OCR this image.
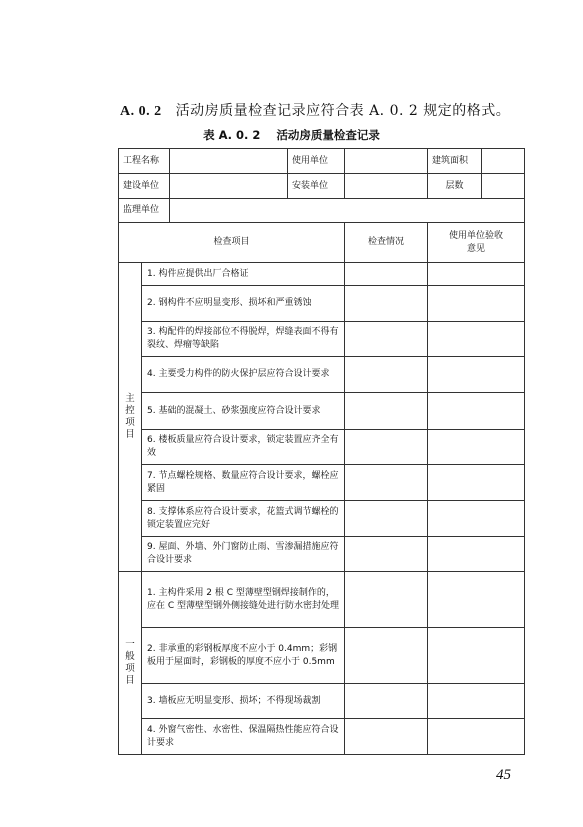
A. 0. 2 活动房质量检查记录应符合表 A. 0. 2 规定的格式。
表 A. 0. 2 活动房质量检查记录
工程名称			使用单位		建筑面积	
建设单位			安装单位		层数	
监理单位						
检查项目				检查情况	使用单位验收意见	

主控项目	1. 构件应提供出厂合格证					

	2. 钢构件不应明显变形、损坏和严重锈蚀					

	3. 构配件的焊接部位不得脱焊，焊缝表面不得有裂纹、焊瘤等缺陷					

	4. 主要受力构件的防火保护层应符合设计要求					

	5. 基础的混凝土、砂浆强度应符合设计要求					

	6. 楼板质量应符合设计要求，锁定装置应齐全有效					

	7. 节点螺栓规格、数量应符合设计要求，螺栓应紧固					

	8. 支撑体系应符合设计要求，花篮式调节螺栓的锁定装置应完好					

	9. 屋面、外墙、外门窗防止雨、雪渗漏措施应符合设计要求					

一般项目	1. 主构件采用 2 根 C 型薄壁型钢焊接制作的，应在 C 型薄壁型钢外侧接缝处进行防水密封处理					

	2. 非承重的彩钢板厚度不应小于 0.4mm；彩钢板用于屋面时，彩钢板的厚度不应小于 0.5mm					

	3. 墙板应无明显变形、损坏；不得现场裁割					

	4. 外窗气密性、水密性、保温隔热性能应符合设计要求					

45
